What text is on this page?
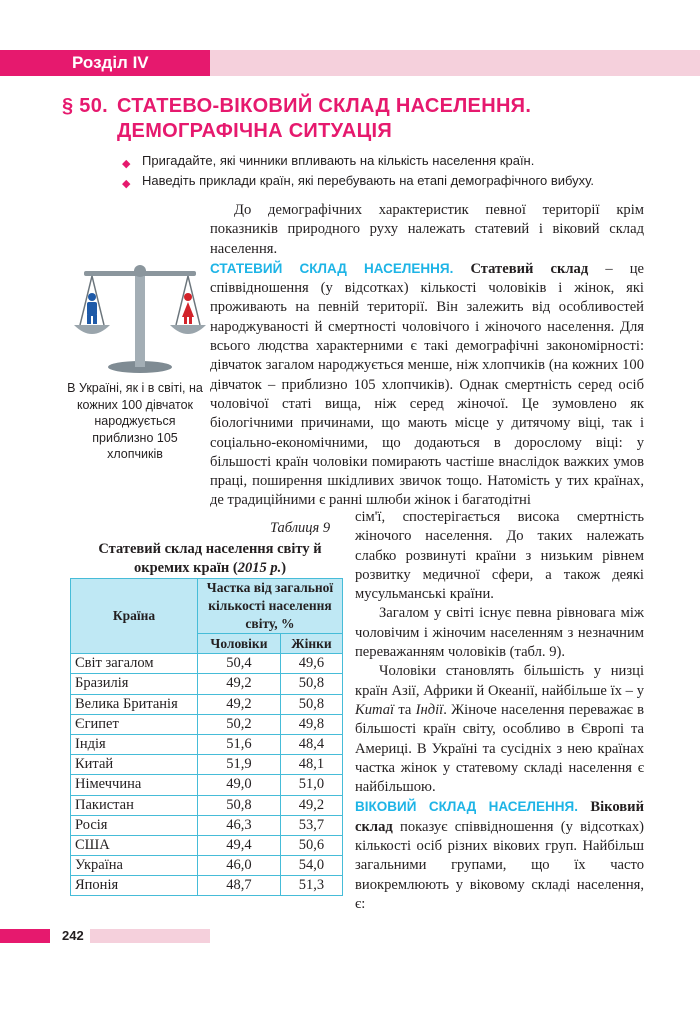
Розділ IV
§ 50. СТАТЕВО-ВІКОВИЙ СКЛАД НАСЕЛЕННЯ.
ДЕМОГРАФІЧНА СИТУАЦІЯ
◆ Пригадайте, які чинники впливають на кількість населення країн.
◆ Наведіть приклади країн, які перебувають на етапі демографічного вибуху.
До демографічних характеристик певної території крім показників природного руху належать статевий і віковий склад населення.
СТАТЕВИЙ СКЛАД НАСЕЛЕННЯ. Статевий склад – це співвідношення (у відсотках) кількості чоловіків і жінок, які проживають на певній території. Він залежить від особливостей народжуваності й смертності чоловічого і жіночого населення. Для всього людства характерними є такі демографічні закономірності: дівчаток загалом народжується менше, ніж хлопчиків (на кожних 100 дівчаток – приблизно 105 хлопчиків). Однак смертність серед осіб чоловічої статі вища, ніж серед жіночої. Це зумовлено як біологічними причинами, що мають місце у дитячому віці, так і соціально-економічними, що додаються в дорослому віці: у більшості країн чоловіки помирають частіше внаслідок важких умов праці, поширення шкідливих звичок тощо. Натомість у тих країнах, де традиційними є ранні шлюби жінок і багатодітні
В Україні, як і в світі, на кожних 100 дівчаток народжується приблизно 105 хлопчиків
Таблиця 9
Статевий склад населення світу й окремих країн (2015 р.)
Країна	Частка від загальної кількості населення світу, %	
	Чоловіки	Жінки
Світ загалом	50,4	49,6
Бразилія	49,2	50,8
Велика Британія	49,2	50,8
Єгипет	50,2	49,8
Індія	51,6	48,4
Китай	51,9	48,1
Німеччина	49,0	51,0
Пакистан	50,8	49,2
Росія	46,3	53,7
США	49,4	50,6
Україна	46,0	54,0
Японія	48,7	51,3
сім'ї, спостерігається висока смертність жіночого населення. До таких належать слабко розвинуті країни з низьким рівнем розвитку медичної сфери, а також деякі мусульманські країни.
Загалом у світі існує певна рівновага між чоловічим і жіночим населенням з незначним переважанням чоловіків (табл. 9).
Чоловіки становлять більшість у низці країн Азії, Африки й Океанії, найбільше їх – у Китаї та Індії. Жіноче населення переважає в більшості країн світу, особливо в Європі та Америці. В Україні та сусідніх з нею країнах частка жінок у статевому складі населення є найбільшою.
ВІКОВИЙ СКЛАД НАСЕЛЕННЯ. Віковий склад показує співвідношення (у відсотках) кількості осіб різних вікових груп. Найбільш загальними групами, що їх часто виокремлюють у віковому складі населення, є:
242
